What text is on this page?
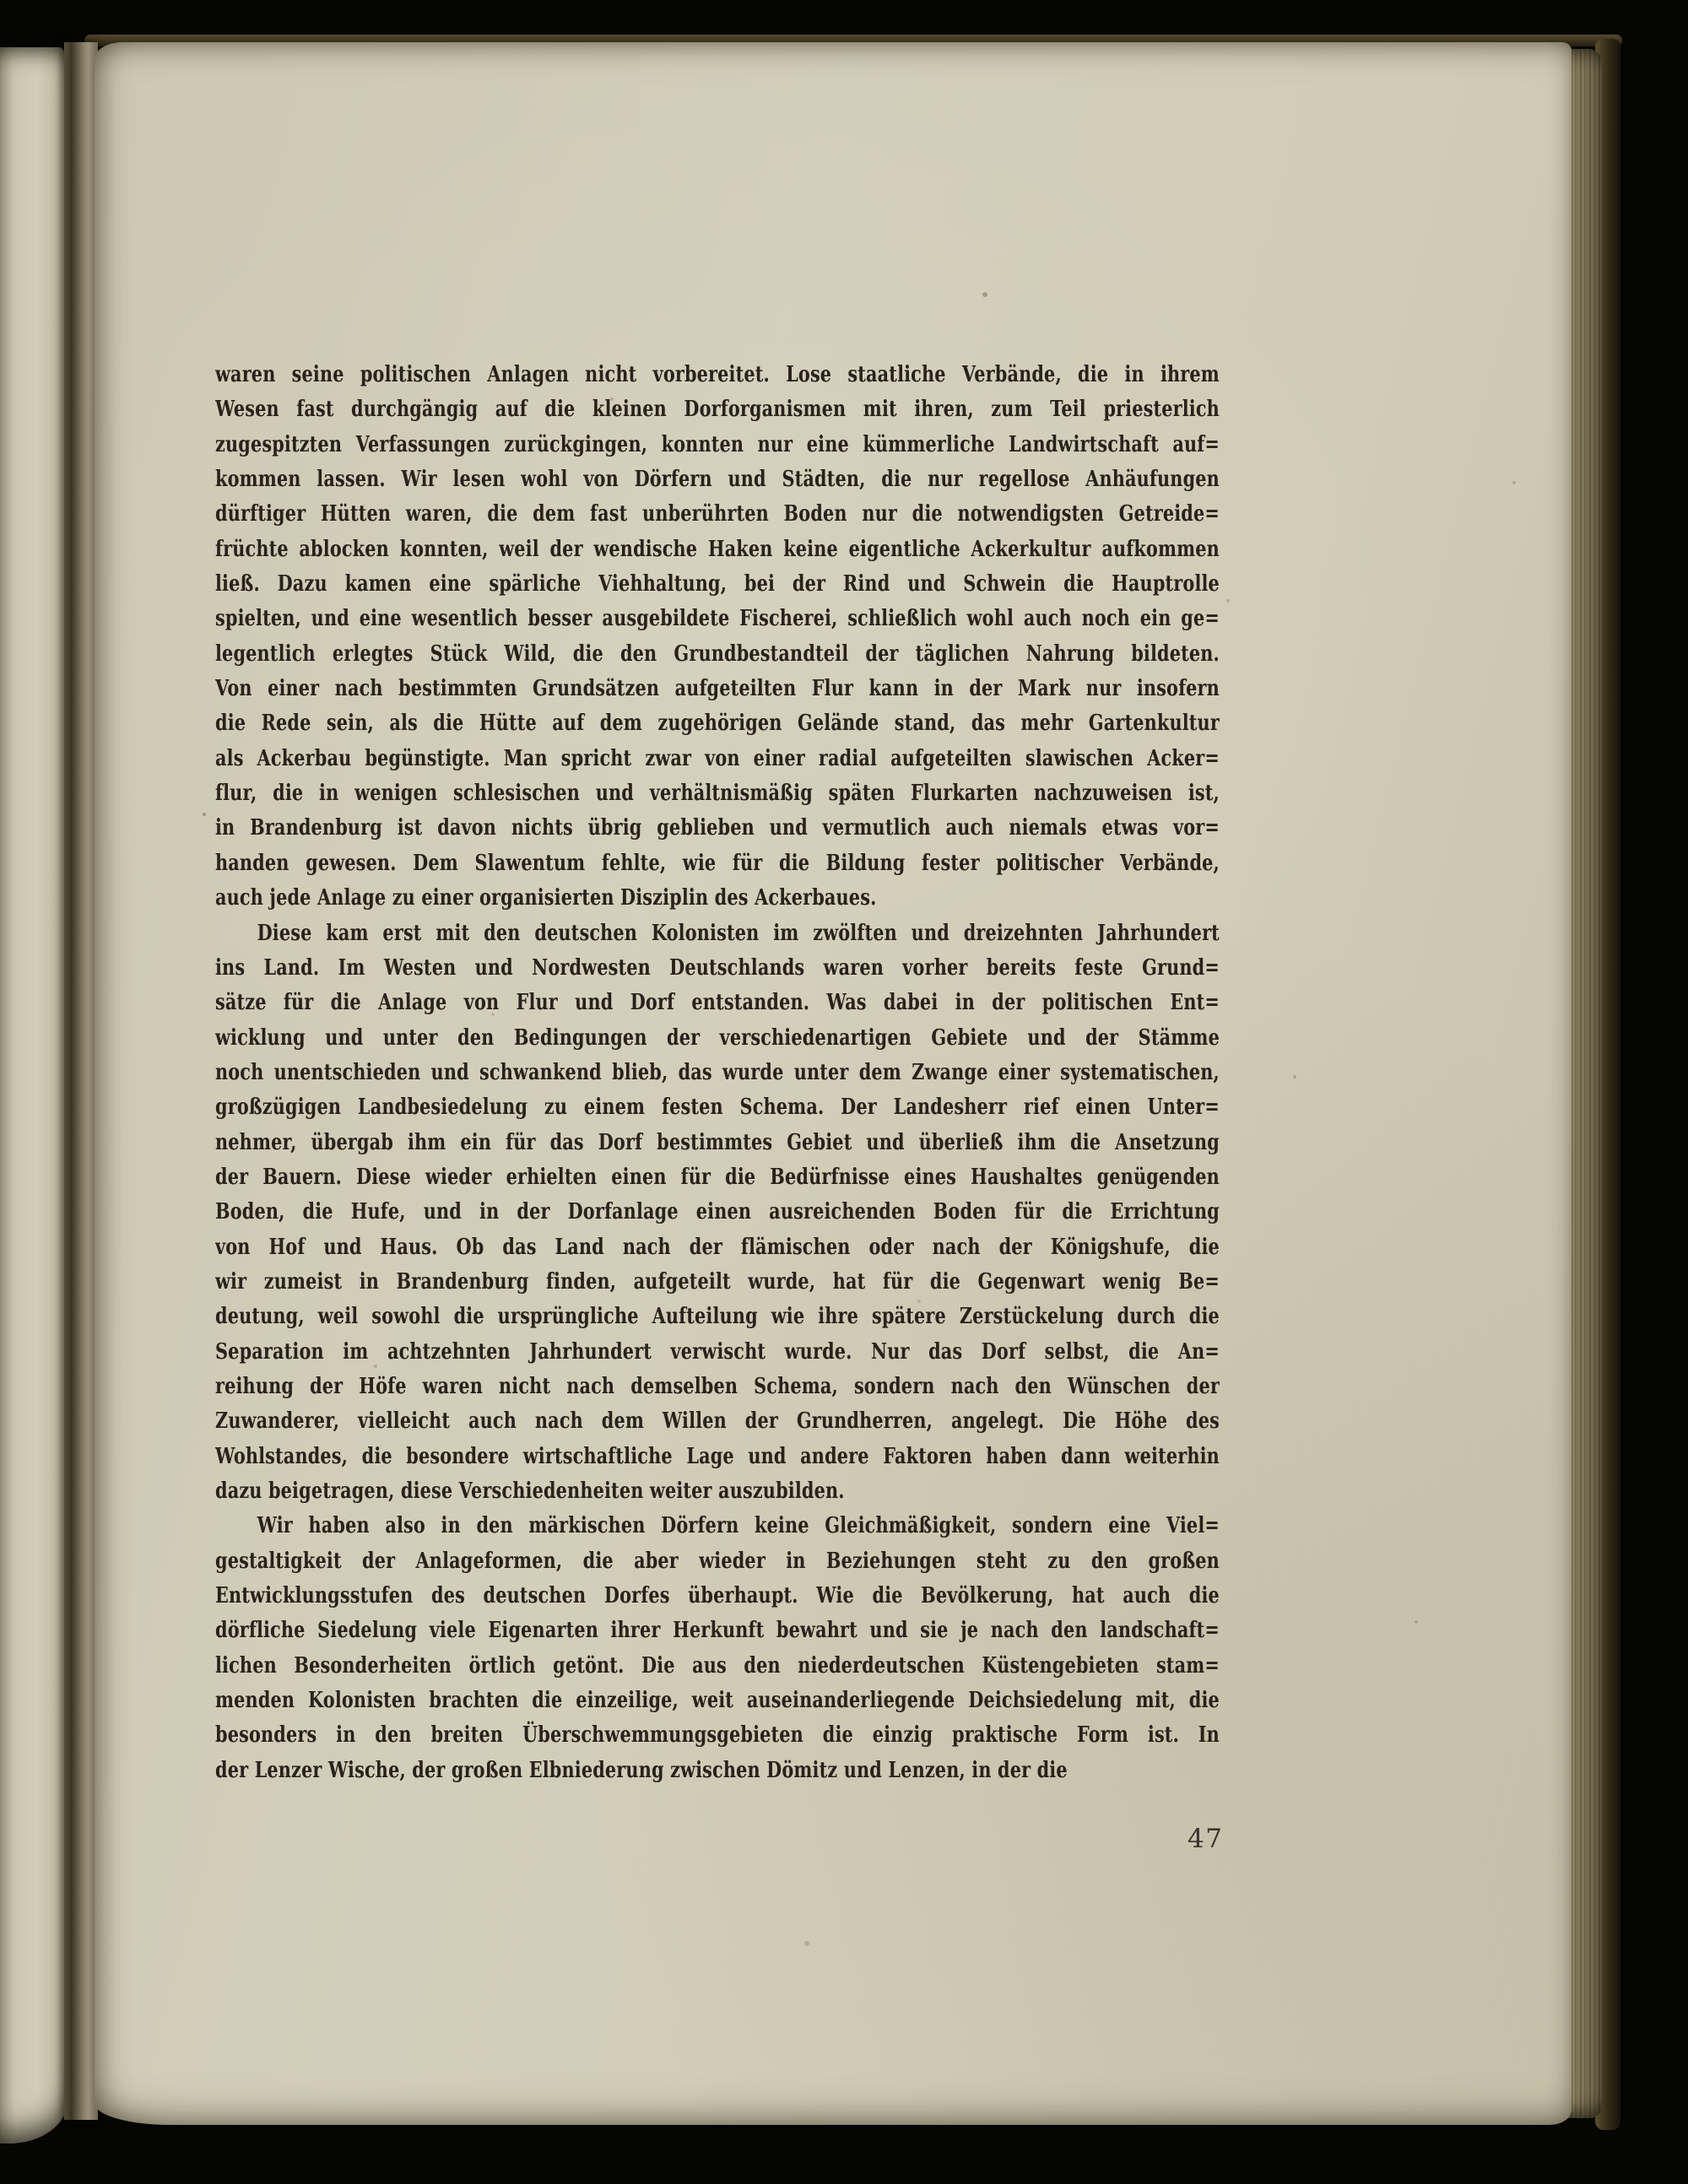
waren seine politischen Anlagen nicht vorbereitet. Lose staatliche Verbände, die in ihrem
Wesen fast durchgängig auf die kleinen Dorforganismen mit ihren, zum Teil priesterlich
zugespitzten Verfassungen zurückgingen, konnten nur eine kümmerliche Landwirtschaft auf=
kommen lassen. Wir lesen wohl von Dörfern und Städten, die nur regellose Anhäufungen
dürftiger Hütten waren, die dem fast unberührten Boden nur die notwendigsten Getreide=
früchte ablocken konnten, weil der wendische Haken keine eigentliche Ackerkultur aufkommen
ließ. Dazu kamen eine spärliche Viehhaltung, bei der Rind und Schwein die Hauptrolle
spielten, und eine wesentlich besser ausgebildete Fischerei, schließlich wohl auch noch ein ge=
legentlich erlegtes Stück Wild, die den Grundbestandteil der täglichen Nahrung bildeten.
Von einer nach bestimmten Grundsätzen aufgeteilten Flur kann in der Mark nur insofern
die Rede sein, als die Hütte auf dem zugehörigen Gelände stand, das mehr Gartenkultur
als Ackerbau begünstigte. Man spricht zwar von einer radial aufgeteilten slawischen Acker=
flur, die in wenigen schlesischen und verhältnismäßig späten Flurkarten nachzuweisen ist,
in Brandenburg ist davon nichts übrig geblieben und vermutlich auch niemals etwas vor=
handen gewesen. Dem Slawentum fehlte, wie für die Bildung fester politischer Verbände,
auch jede Anlage zu einer organisierten Disziplin des Ackerbaues.
Diese kam erst mit den deutschen Kolonisten im zwölften und dreizehnten Jahrhundert
ins Land. Im Westen und Nordwesten Deutschlands waren vorher bereits feste Grund=
sätze für die Anlage von Flur und Dorf entstanden. Was dabei in der politischen Ent=
wicklung und unter den Bedingungen der verschiedenartigen Gebiete und der Stämme
noch unentschieden und schwankend blieb, das wurde unter dem Zwange einer systematischen,
großzügigen Landbesiedelung zu einem festen Schema. Der Landesherr rief einen Unter=
nehmer, übergab ihm ein für das Dorf bestimmtes Gebiet und überließ ihm die Ansetzung
der Bauern. Diese wieder erhielten einen für die Bedürfnisse eines Haushaltes genügenden
Boden, die Hufe, und in der Dorfanlage einen ausreichenden Boden für die Errichtung
von Hof und Haus. Ob das Land nach der flämischen oder nach der Königshufe, die
wir zumeist in Brandenburg finden, aufgeteilt wurde, hat für die Gegenwart wenig Be=
deutung, weil sowohl die ursprüngliche Aufteilung wie ihre spätere Zerstückelung durch die
Separation im achtzehnten Jahrhundert verwischt wurde. Nur das Dorf selbst, die An=
reihung der Höfe waren nicht nach demselben Schema, sondern nach den Wünschen der
Zuwanderer, vielleicht auch nach dem Willen der Grundherren, angelegt. Die Höhe des
Wohlstandes, die besondere wirtschaftliche Lage und andere Faktoren haben dann weiterhin
dazu beigetragen, diese Verschiedenheiten weiter auszubilden.
Wir haben also in den märkischen Dörfern keine Gleichmäßigkeit, sondern eine Viel=
gestaltigkeit der Anlageformen, die aber wieder in Beziehungen steht zu den großen
Entwicklungsstufen des deutschen Dorfes überhaupt. Wie die Bevölkerung, hat auch die
dörfliche Siedelung viele Eigenarten ihrer Herkunft bewahrt und sie je nach den landschaft=
lichen Besonderheiten örtlich getönt. Die aus den niederdeutschen Küstengebieten stam=
menden Kolonisten brachten die einzeilige, weit auseinanderliegende Deichsiedelung mit, die
besonders in den breiten Überschwemmungsgebieten die einzig praktische Form ist. In
der Lenzer Wische, der großen Elbniederung zwischen Dömitz und Lenzen, in der die
47
